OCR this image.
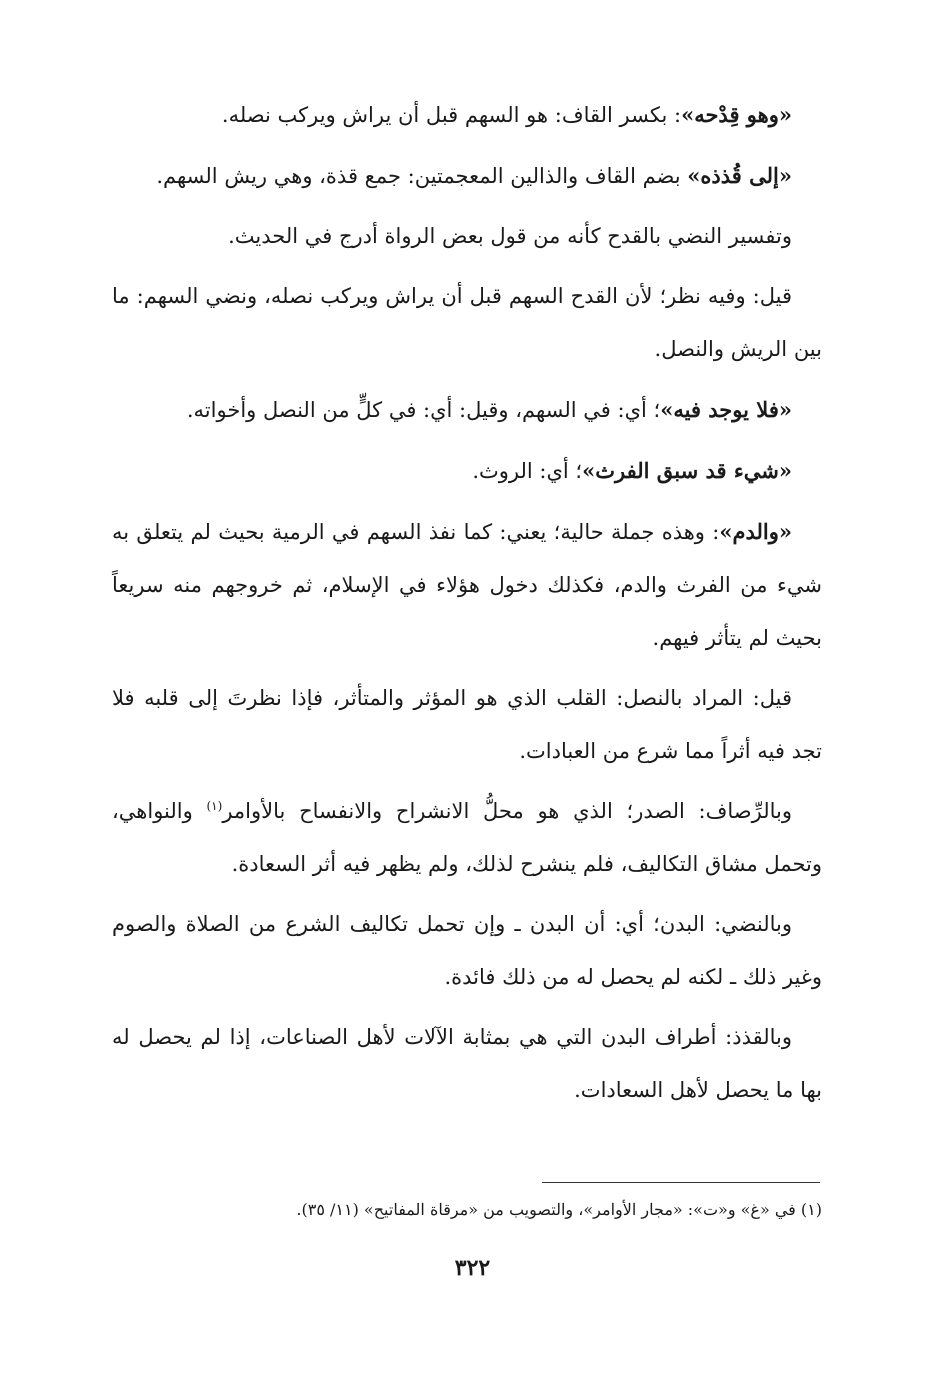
«وهو قِدْحه»: بكسر القاف: هو السهم قبل أن يراش ويركب نصله.

«إلى قُذذه» بضم القاف والذالين المعجمتين: جمع قذة، وهي ريش السهم.

وتفسير النضي بالقدح كأنه من قول بعض الرواة أدرج في الحديث.

قيل: وفيه نظر؛ لأن القدح السهم قبل أن يراش ويركب نصله، ونضي السهم: ما بين الريش والنصل.

«فلا يوجد فيه»؛ أي: في السهم، وقيل: أي: في كلٍّ من النصل وأخواته.

«شيء قد سبق الفرث»؛ أي: الروث.

«والدم»: وهذه جملة حالية؛ يعني: كما نفذ السهم في الرمية بحيث لم يتعلق به شيء من الفرث والدم، فكذلك دخول هؤلاء في الإسلام، ثم خروجهم منه سريعاً بحيث لم يتأثر فيهم.

قيل: المراد بالنصل: القلب الذي هو المؤثر والمتأثر، فإذا نظرتَ إلى قلبه فلا تجد فيه أثراً مما شرع من العبادات.

وبالرِّصاف: الصدر؛ الذي هو محلُّ الانشراح والانفساح بالأوامر$^{(١)}$ والنواهي، وتحمل مشاق التكاليف، فلم ينشرح لذلك، ولم يظهر فيه أثر السعادة.

وبالنضي: البدن؛ أي: أن البدن ـ وإن تحمل تكاليف الشرع من الصلاة والصوم وغير ذلك ـ لكنه لم يحصل له من ذلك فائدة.

وبالقذذ: أطراف البدن التي هي بمثابة الآلات لأهل الصناعات، إذا لم يحصل له بها ما يحصل لأهل السعادات.

(١) في «غ» و«ت»: «مجار الأوامر»، والتصويب من «مرقاة المفاتيح» (١١/ ٣٥).
٣٢٢
